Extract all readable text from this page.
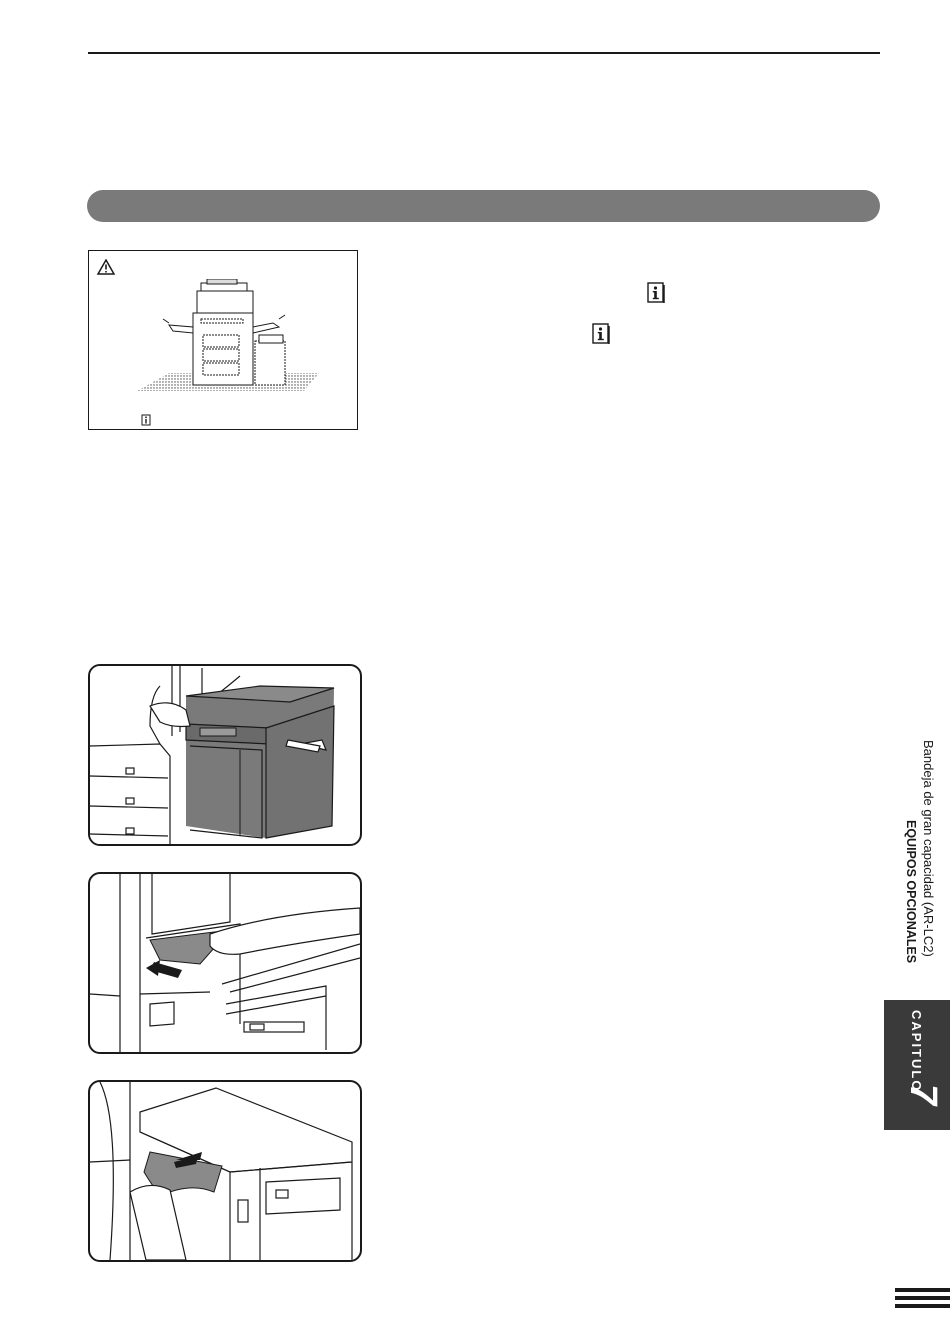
Bandeja de gran capacidad (AR-LC2)
EQUIPOS OPCIONALES
CAPITULO
7
